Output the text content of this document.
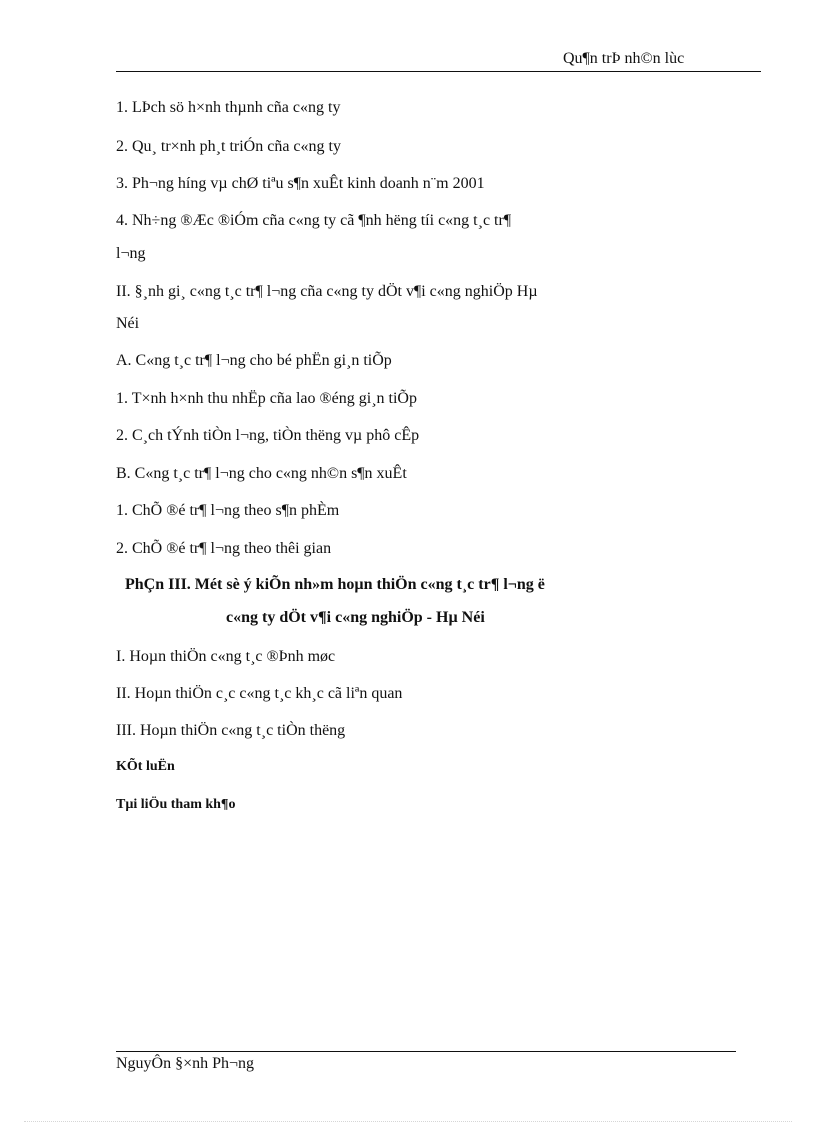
Qu¶n trÞ nh©n lùc
1. LÞch sö h×nh thµnh cña c«ng ty
2. Qu¸ tr×nh ph¸t triÓn cña c«ng ty
3. Ph¬ng híng vµ chØ tiªu s¶n xuÊt kinh doanh n¨m 2001
4. Nh÷ng ®Æc ®iÓm cña c«ng ty cã ¶nh hëng tíi c«ng t¸c tr¶
l¬ng
II. §¸nh gi¸ c«ng t¸c tr¶ l¬ng cña c«ng ty dÖt v¶i c«ng nghiÖp Hµ
Néi
A. C«ng t¸c tr¶ l¬ng cho bé phËn gi¸n tiÕp
1. T×nh h×nh thu nhËp cña lao ®éng gi¸n tiÕp
2. C¸ch tÝnh tiÒn l¬ng, tiÒn thëng vµ phô cÊp
B. C«ng t¸c tr¶ l¬ng cho c«ng nh©n s¶n xuÊt
1. ChÕ ®é tr¶ l¬ng theo s¶n phÈm
2. ChÕ ®é tr¶ l¬ng theo thêi gian
PhÇn III. Mét sè ý kiÕn nh»m hoµn thiÖn c«ng t¸c tr¶ l¬ng ë
c«ng ty dÖt v¶i c«ng nghiÖp - Hµ Néi
I. Hoµn thiÖn c«ng t¸c ®Þnh møc
II. Hoµn thiÖn c¸c c«ng t¸c kh¸c cã liªn quan
III. Hoµn thiÖn c«ng t¸c tiÒn thëng
KÕt luËn
Tµi liÖu tham kh¶o
NguyÔn §×nh Ph¬ng
